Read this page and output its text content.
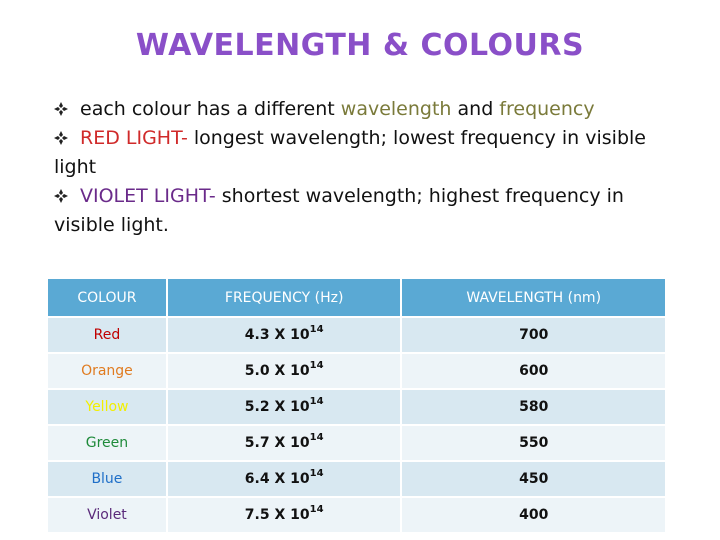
WAVELENGTH & COLOURS

each colour has a different wavelength and frequency

RED LIGHT- longest wavelength; lowest frequency in visible light

VIOLET LIGHT- shortest wavelength; highest frequency in visible light.

COLOUR	FREQUENCY (Hz)	WAVELENGTH (nm)
Red	4.3 X $10^{14}$	700
Orange	5.0 X $10^{14}$	600
Yellow	5.2 X $10^{14}$	580
Green	5.7 X $10^{14}$	550
Blue	6.4 X $10^{14}$	450
Violet	7.5 X $10^{14}$	400
